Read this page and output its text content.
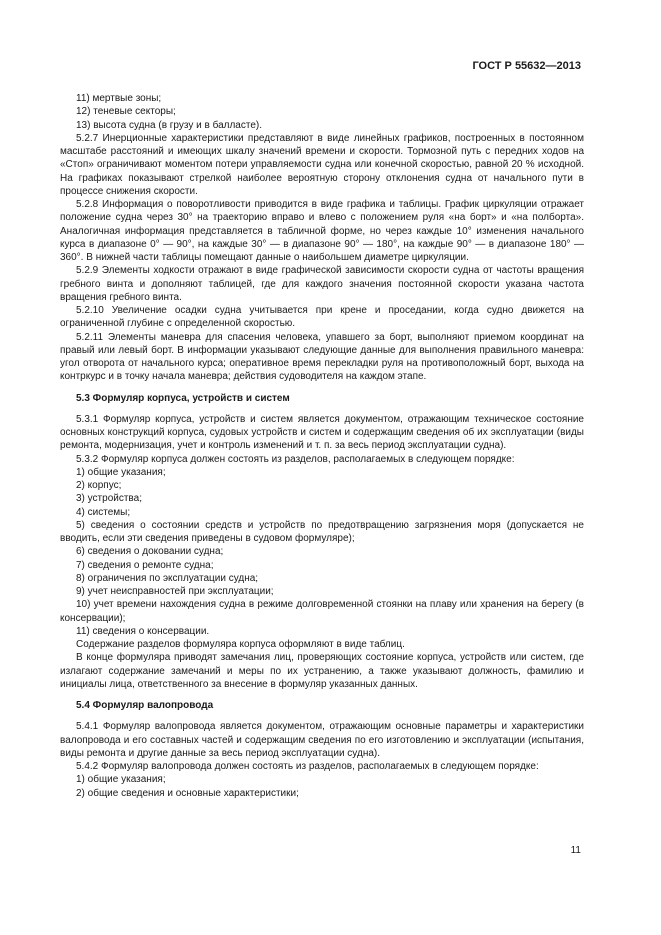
ГОСТ Р 55632—2013

11) мертвые зоны;

12) теневые секторы;

13) высота судна (в грузу и в балласте).

5.2.7 Инерционные характеристики представляют в виде линейных графиков, построенных в постоянном масштабе расстояний и имеющих шкалу значений времени и скорости. Тормозной путь с передних ходов на «Стоп» ограничивают моментом потери управляемости судна или конечной скоростью, равной 20 % исходной. На графиках показывают стрелкой наиболее вероятную сторону отклонения судна от начального пути в процессе снижения скорости.

5.2.8 Информация о поворотливости приводится в виде графика и таблицы. График циркуляции отражает положение судна через 30° на траекторию вправо и влево с положением руля «на борт» и «на полборта». Аналогичная информация представляется в табличной форме, но через каждые 10° изменения начального курса в диапазоне 0° — 90°, на каждые 30° — в диапазоне 90° — 180°, на каждые 90° — в диапазоне 180° — 360°. В нижней части таблицы помещают данные о наибольшем диаметре циркуляции.

5.2.9 Элементы ходкости отражают в виде графической зависимости скорости судна от частоты вращения гребного винта и дополняют таблицей, где для каждого значения постоянной скорости указана частота вращения гребного винта.

5.2.10 Увеличение осадки судна учитывается при крене и проседании, когда судно движется на ограниченной глубине с определенной скоростью.

5.2.11 Элементы маневра для спасения человека, упавшего за борт, выполняют приемом координат на правый или левый борт. В информации указывают следующие данные для выполнения правильного маневра: угол отворота от начального курса; оперативное время перекладки руля на противоположный борт, выхода на контркурс и в точку начала маневра; действия судоводителя на каждом этапе.

5.3 Формуляр корпуса, устройств и систем

5.3.1 Формуляр корпуса, устройств и систем является документом, отражающим техническое состояние основных конструкций корпуса, судовых устройств и систем и содержащим сведения об их эксплуатации (виды ремонта, модернизация, учет и контроль изменений и т. п. за весь период эксплуатации судна).

5.3.2 Формуляр корпуса должен состоять из разделов, располагаемых в следующем порядке:

1) общие указания;

2) корпус;

3) устройства;

4) системы;

5) сведения о состоянии средств и устройств по предотвращению загрязнения моря (допускается не вводить, если эти сведения приведены в судовом формуляре);

6) сведения о доковании судна;

7) сведения о ремонте судна;

8) ограничения по эксплуатации судна;

9) учет неисправностей при эксплуатации;

10) учет времени нахождения судна в режиме долговременной стоянки на плаву или хранения на берегу (в консервации);

11) сведения о консервации.

Содержание разделов формуляра корпуса оформляют в виде таблиц.

В конце формуляра приводят замечания лиц, проверяющих состояние корпуса, устройств или систем, где излагают содержание замечаний и меры по их устранению, а также указывают должность, фамилию и инициалы лица, ответственного за внесение в формуляр указанных данных.

5.4 Формуляр валопровода

5.4.1 Формуляр валопровода является документом, отражающим основные параметры и характеристики валопровода и его составных частей и содержащим сведения по его изготовлению и эксплуатации (испытания, виды ремонта и другие данные за весь период эксплуатации судна).

5.4.2 Формуляр валопровода должен состоять из разделов, располагаемых в следующем порядке:

1) общие указания;

2) общие сведения и основные характеристики;

11
